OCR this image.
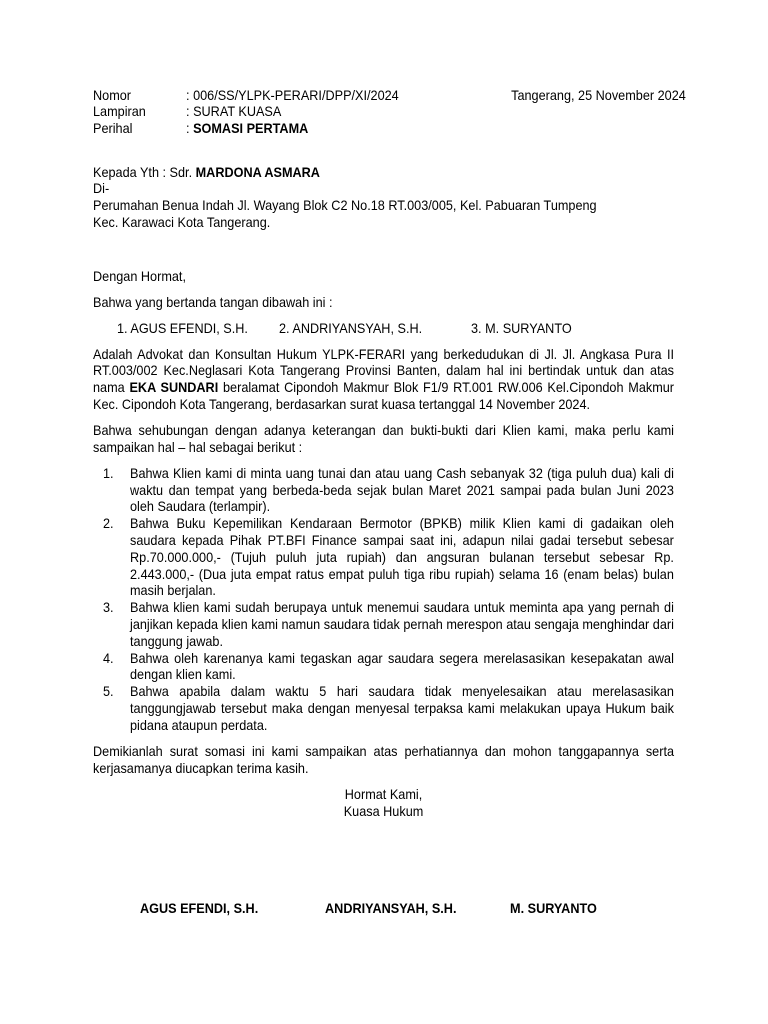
Nomor	: 006/SS/YLPK-PERARI/DPP/XI/2024
Lampiran	: SURAT KUASA
Perihal	: SOMASI PERTAMA
Tangerang, 25 November 2024
Kepada Yth : Sdr. MARDONA ASMARA
Di-
Perumahan Benua Indah Jl. Wayang Blok C2 No.18 RT.003/005, Kel. Pabuaran Tumpeng
Kec. Karawaci Kota Tangerang.
Dengan Hormat,
Bahwa yang bertanda tangan dibawah ini :
1. AGUS EFENDI, S.H. 2. ANDRIYANSYAH, S.H.	3. M. SURYANTO

Adalah Advokat dan Konsultan Hukum YLPK-FERARI yang berkedudukan di Jl. Jl. Angkasa Pura II RT.003/002 Kec.Neglasari Kota Tangerang Provinsi Banten, dalam hal ini bertindak untuk dan atas nama EKA SUNDARI beralamat Cipondoh Makmur Blok F1/9 RT.001 RW.006 Kel.Cipondoh Makmur Kec. Cipondoh Kota Tangerang, berdasarkan surat kuasa tertanggal 14 November 2024.

Bahwa sehubungan dengan adanya keterangan dan bukti-bukti dari Klien kami, maka perlu kami sampaikan hal – hal sebagai berikut :
1.	Bahwa Klien kami di minta uang tunai dan atau uang Cash sebanyak 32 (tiga puluh dua) kali di waktu dan tempat yang berbeda-beda sejak bulan Maret 2021 sampai pada bulan Juni 2023 oleh Saudara (terlampir).
2.	Bahwa Buku Kepemilikan Kendaraan Bermotor (BPKB) milik Klien kami di gadaikan oleh saudara kepada Pihak PT.BFI Finance sampai saat ini, adapun nilai gadai tersebut sebesar Rp.70.000.000,- (Tujuh puluh juta rupiah) dan angsuran bulanan tersebut sebesar Rp. 2.443.000,- (Dua juta empat ratus empat puluh tiga ribu rupiah) selama 16 (enam belas) bulan masih berjalan.
3.	Bahwa klien kami sudah berupaya untuk menemui saudara untuk meminta apa yang pernah di janjikan kepada klien kami namun saudara tidak pernah merespon atau sengaja menghindar dari tanggung jawab.
4.	Bahwa oleh karenanya kami tegaskan agar saudara segera merelasasikan kesepakatan awal dengan klien kami.
5.	Bahwa apabila dalam waktu 5 hari saudara tidak menyelesaikan atau merelasasikan tanggungjawab tersebut maka dengan menyesal terpaksa kami melakukan upaya Hukum baik pidana ataupun perdata.
Demikianlah surat somasi ini kami sampaikan atas perhatiannya dan mohon tanggapannya serta kerjasamanya diucapkan terima kasih.
Hormat Kami,
Kuasa Hukum
AGUS EFENDI, S.H.	ANDRIYANSYAH, S.H.	M. SURYANTO
